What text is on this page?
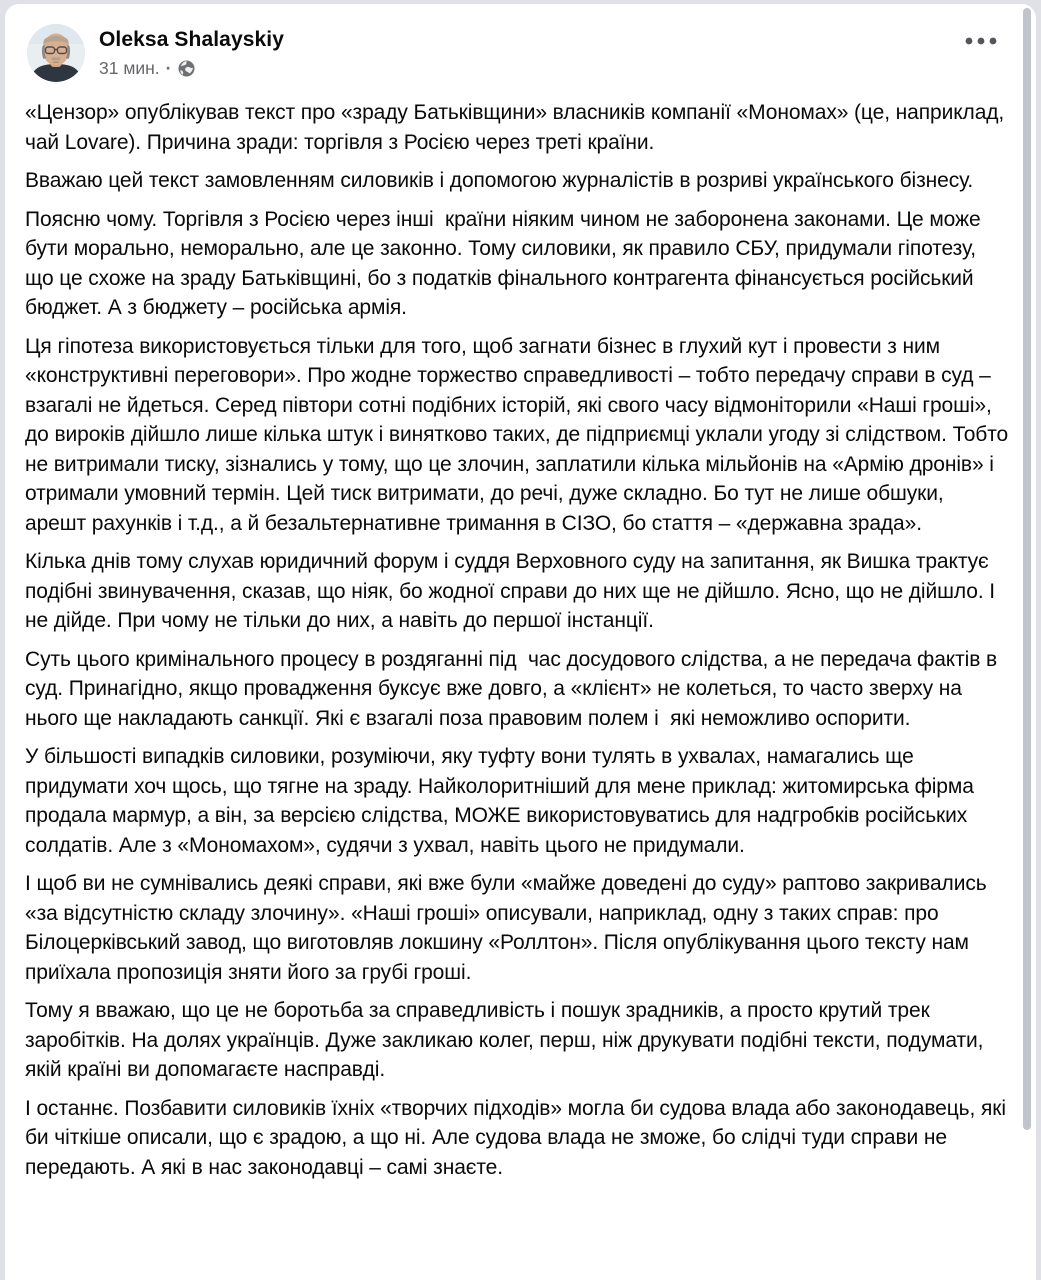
Oleksa Shalayskiy
31 мин. ·

«Цензор» опублікував текст про «зраду Батьківщини» власників компанії «Мономах» (це, наприклад, чай Lovare). Причина зради: торгівля з Росією через треті країни.

Вважаю цей текст замовленням силовиків і допомогою журналістів в розриві українського бізнесу.

Поясню чому. Торгівля з Росією через інші  країни ніяким чином не заборонена законами. Це може бути морально, неморально, але це законно. Тому силовики, як правило СБУ, придумали гіпотезу, що це схоже на зраду Батьківщині, бо з податків фінального контрагента фінансується російський бюджет. А з бюджету – російська армія.

Ця гіпотеза використовується тільки для того, щоб загнати бізнес в глухий кут і провести з ним «конструктивні переговори». Про жодне торжество справедливості – тобто передачу справи в суд – взагалі не йдеться. Серед півтори сотні подібних історій, які свого часу відмоніторили «Наші гроші», до вироків дійшло лише кілька штук і винятково таких, де підприємці уклали угоду зі слідством. Тобто не витримали тиску, зізнались у тому, що це злочин, заплатили кілька мільйонів на «Армію дронів» і отримали умовний термін. Цей тиск витримати, до речі, дуже складно. Бо тут не лише обшуки, арешт рахунків і т.д., а й безальтернативне тримання в СІЗО, бо стаття – «державна зрада».

Кілька днів тому слухав юридичний форум і суддя Верховного суду на запитання, як Вишка трактує подібні звинувачення, сказав, що ніяк, бо жодної справи до них ще не дійшло. Ясно, що не дійшло. І не дійде. При чому не тільки до них, а навіть до першої інстанції.

Суть цього кримінального процесу в роздяганні під  час досудового слідства, а не передача фактів в суд. Принагідно, якщо провадження буксує вже довго, а «клієнт» не колеться, то часто зверху на нього ще накладають санкції. Які є взагалі поза правовим полем і  які неможливо оспорити.

У більшості випадків силовики, розуміючи, яку туфту вони тулять в ухвалах, намагались ще придумати хоч щось, що тягне на зраду. Найколоритніший для мене приклад: житомирська фірма продала мармур, а він, за версією слідства, МОЖЕ використовуватись для надгробків російських солдатів. Але з «Мономахом», судячи з ухвал, навіть цього не придумали.

І щоб ви не сумнівались деякі справи, які вже були «майже доведені до суду» раптово закривались «за відсутністю складу злочину». «Наші гроші» описували, наприклад, одну з таких справ: про Білоцерківський завод, що виготовляв локшину «Роллтон». Після опублікування цього тексту нам приїхала пропозиція зняти його за грубі гроші.

Тому я вважаю, що це не боротьба за справедливість і пошук зрадників, а просто крутий трек заробітків. На долях українців. Дуже закликаю колег, перш, ніж друкувати подібні тексти, подумати, якій країні ви допомагаєте насправді.

І останнє. Позбавити силовиків їхніх «творчих підходів» могла би судова влада або законодавець, які би чіткіше описали, що є зрадою, а що ні. Але судова влада не зможе, бо слідчі туди справи не передають. А які в нас законодавці – самі знаєте.
